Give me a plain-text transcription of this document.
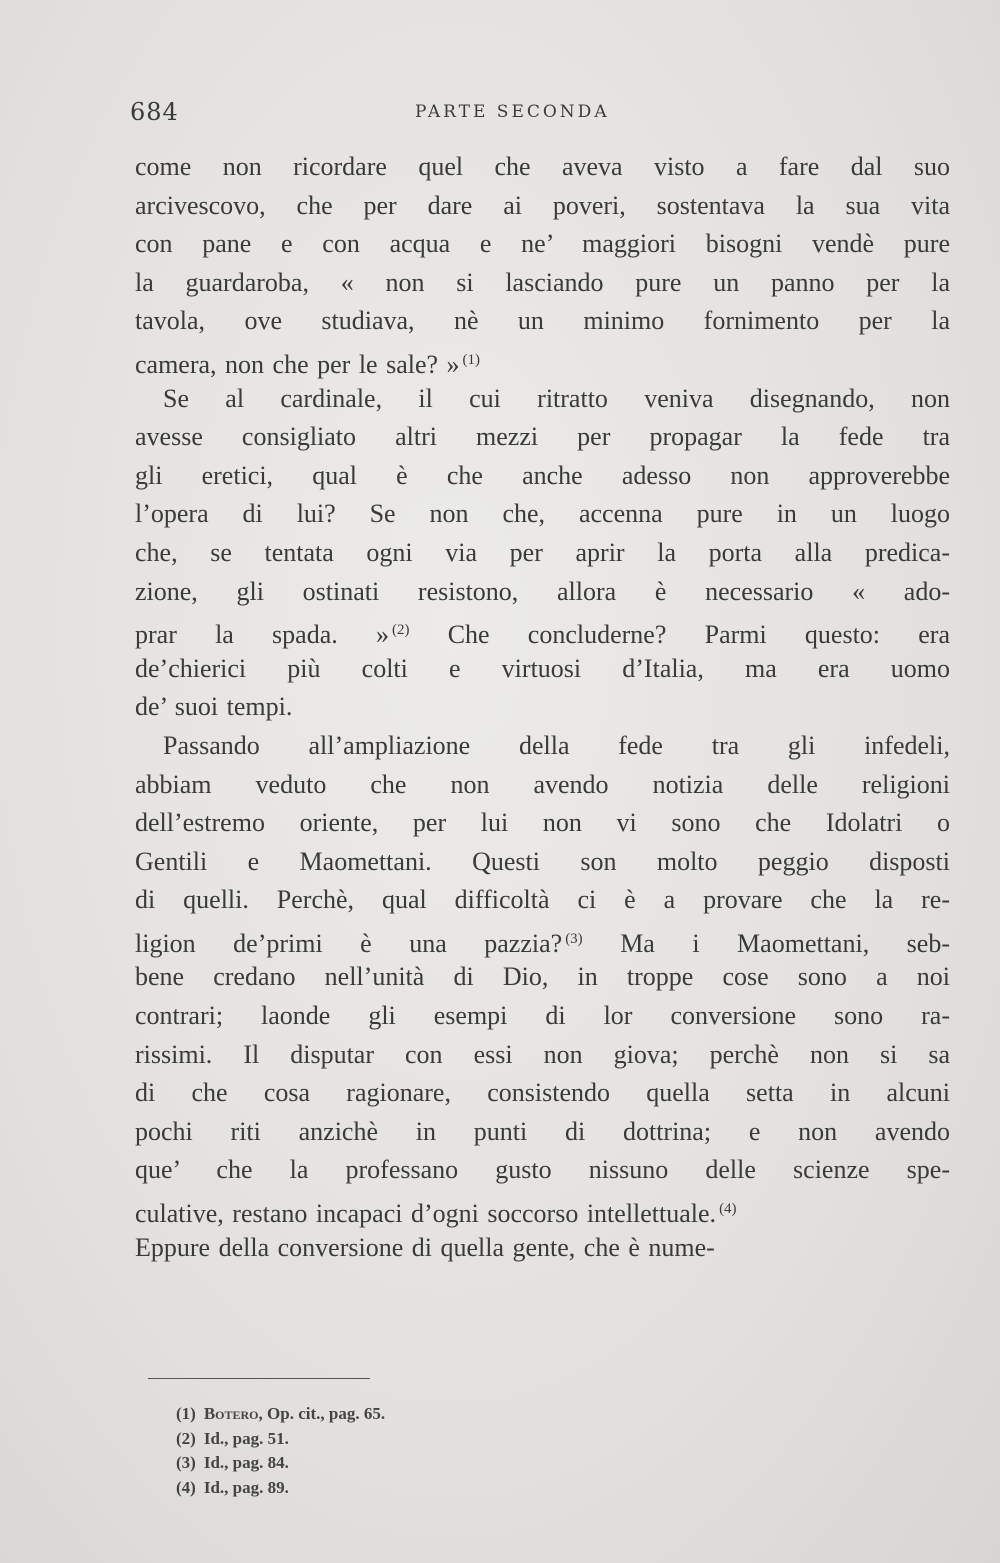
684	PARTE SECONDA
come non ricordare quel che aveva visto a fare dal suo
arcivescovo, che per dare ai poveri, sostentava la sua vita
con pane e con acqua e ne’ maggiori bisogni vendè pure
la guardaroba, « non si lasciando pure un panno per la
tavola, ove studiava, nè un minimo fornimento per la
camera, non che per le sale? » $^{(1)}$
Se al cardinale, il cui ritratto veniva disegnando, non
avesse consigliato altri mezzi per propagar la fede tra
gli eretici, qual è che anche adesso non approverebbe
l’opera di lui? Se non che, accenna pure in un luogo
che, se tentata ogni via per aprir la porta alla predica-
zione, gli ostinati resistono, allora è necessario « ado-
prar la spada. » $^{(2)}$ Che concluderne? Parmi questo: era
de’chierici più colti e virtuosi d’Italia, ma era uomo
de’ suoi tempi.
Passando all’ampliazione della fede tra gli infedeli,
abbiam veduto che non avendo notizia delle religioni
dell’estremo oriente, per lui non vi sono che Idolatri o
Gentili e Maomettani. Questi son molto peggio disposti
di quelli. Perchè, qual difficoltà ci è a provare che la re-
ligion de’primi è una pazzia? $^{(3)}$ Ma i Maomettani, seb-
bene credano nell’unità di Dio, in troppe cose sono a noi
contrari; laonde gli esempi di lor conversione sono ra-
rissimi. Il disputar con essi non giova; perchè non si sa
di che cosa ragionare, consistendo quella setta in alcuni
pochi riti anzichè in punti di dottrina; e non avendo
que’ che la professano gusto nissuno delle scienze spe-
culative, restano incapaci d’ogni soccorso intellettuale. $^{(4)}$
Eppure della conversione di quella gente, che è nume-
(1) Botero, Op. cit., pag. 65.
(2) Id., pag. 51.
(3) Id., pag. 84.
(4) Id., pag. 89.
